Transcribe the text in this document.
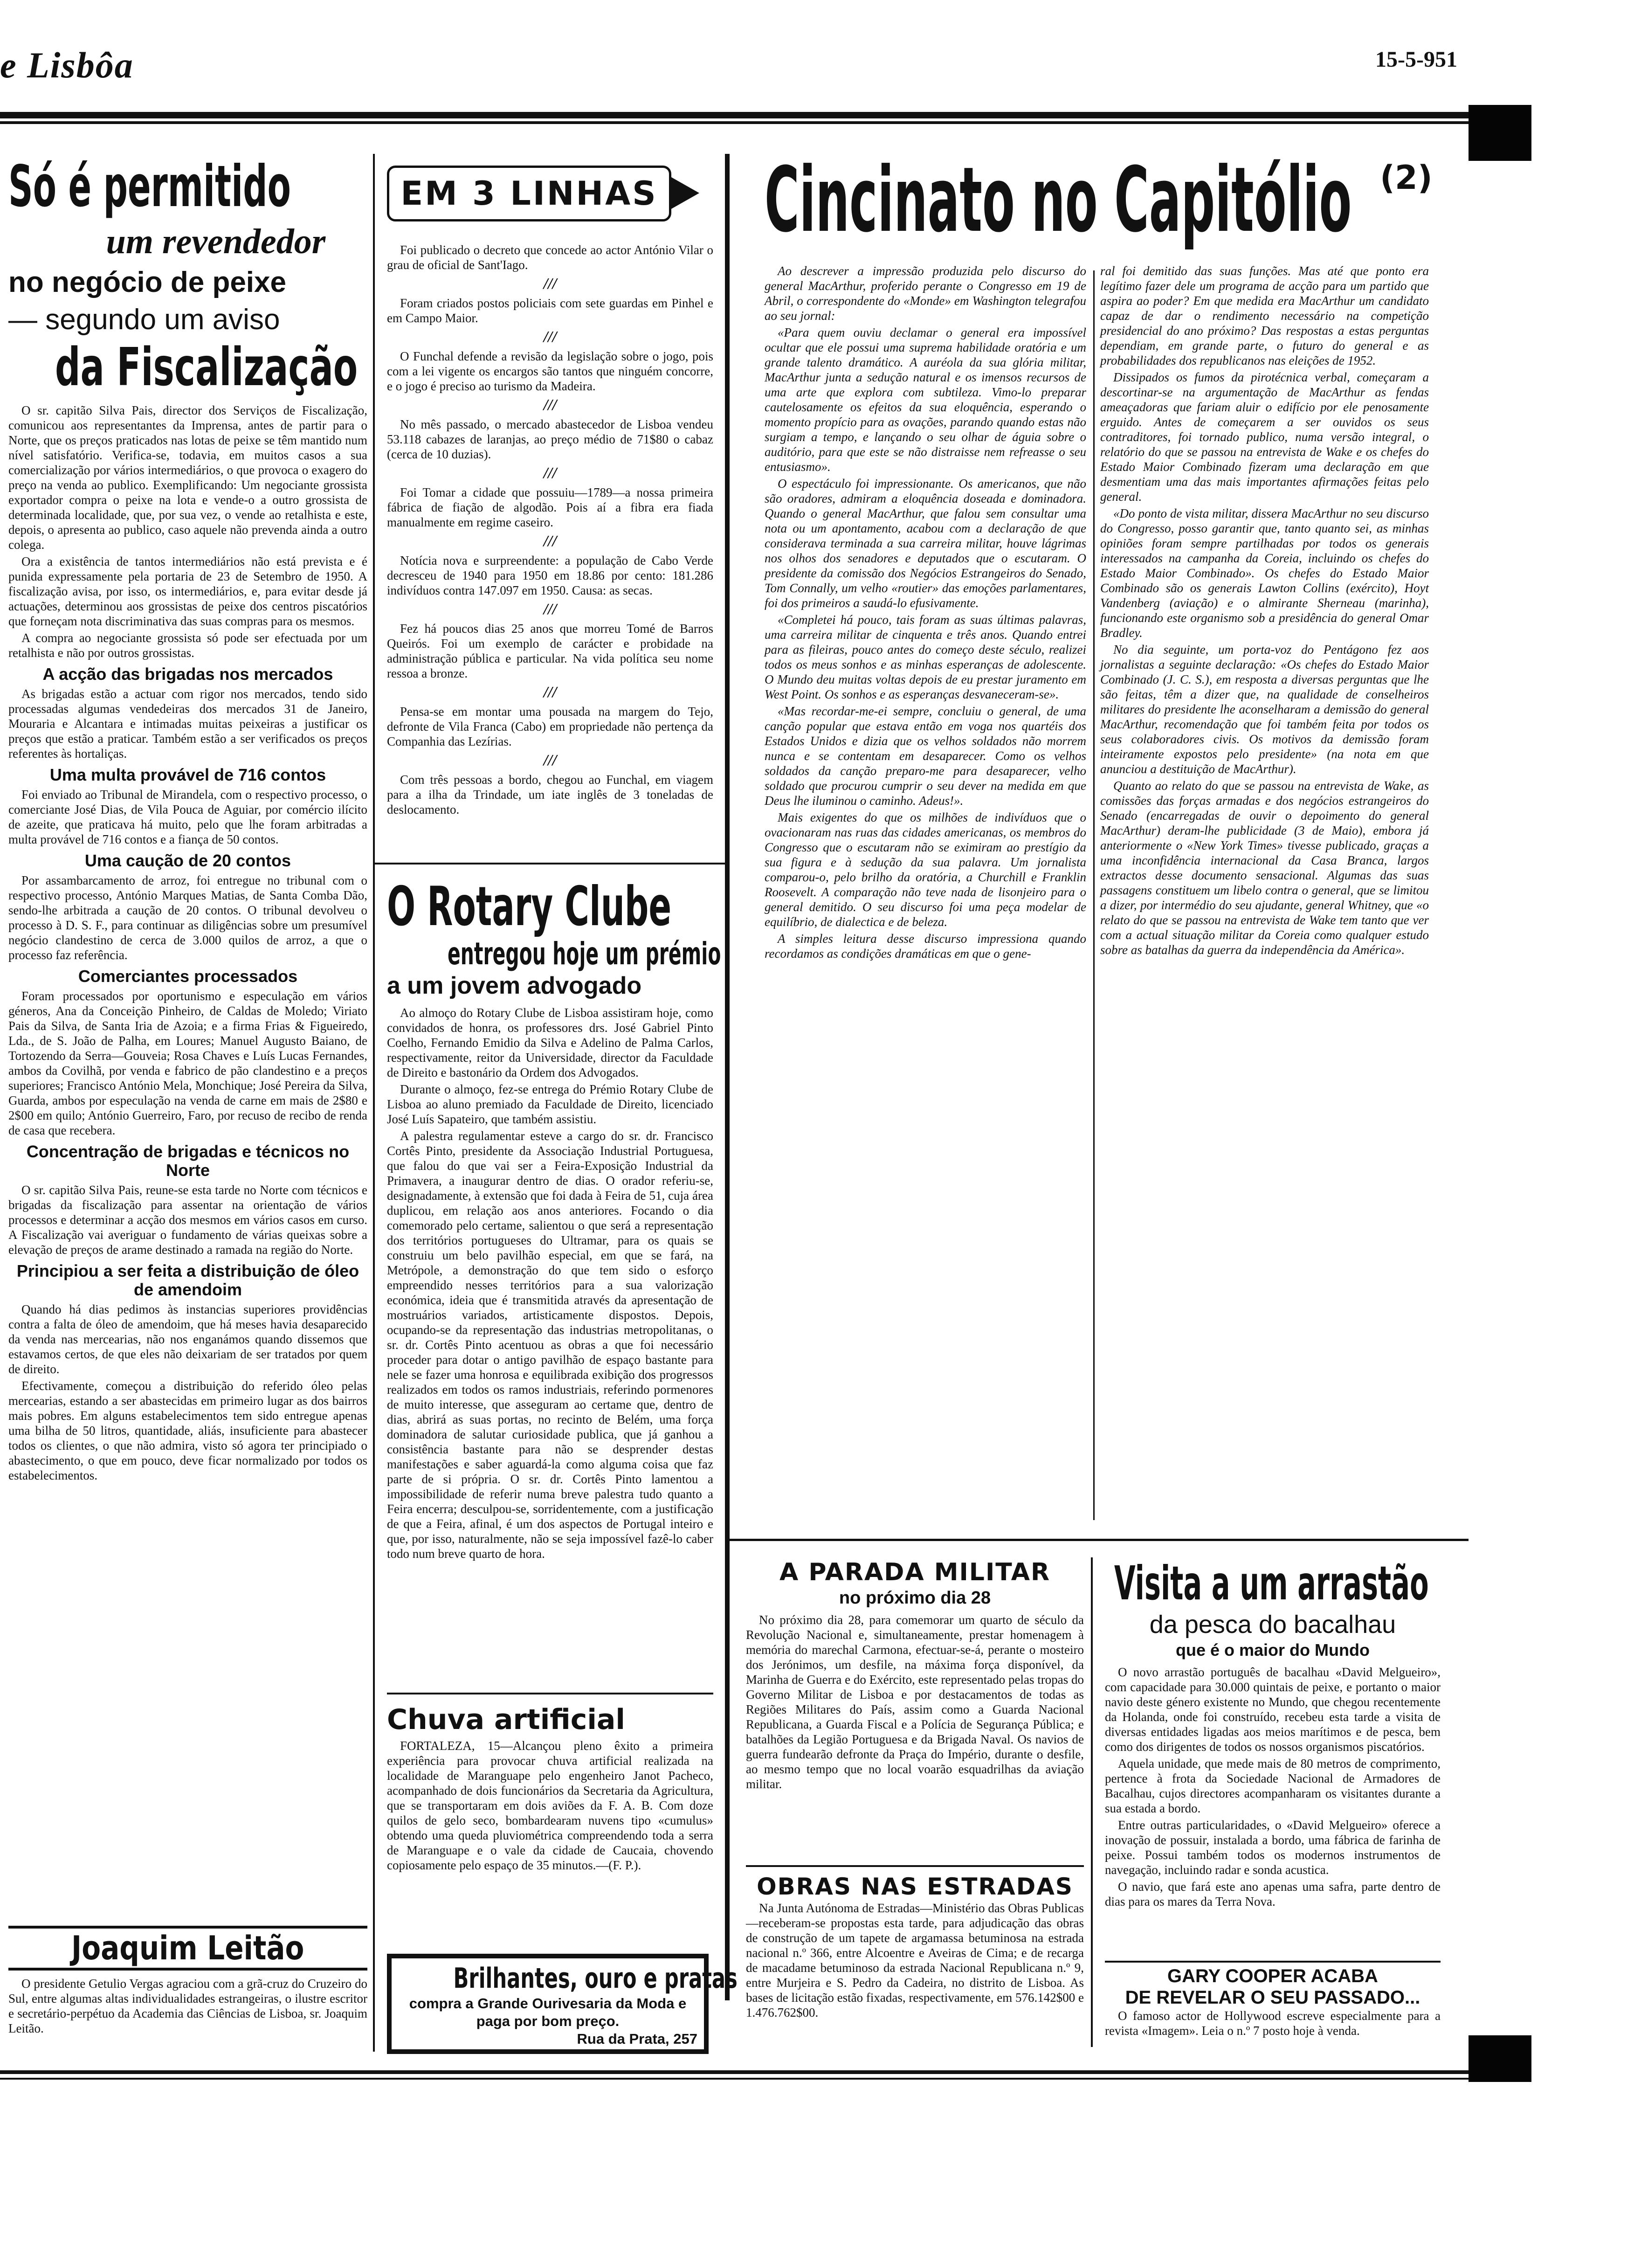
e Lisbôa	15-5-951
Só é permitido
um revendedor
no negócio de peixe
— segundo um aviso
da Fiscalização

O sr. capitão Silva Pais, director dos Serviços de Fiscalização, comunicou aos representantes da Imprensa, antes de partir para o Norte, que os preços praticados nas lotas de peixe se têm mantido num nível satisfatório. Verifica-se, todavia, em muitos casos a sua comercialização por vários intermediários, o que provoca o exagero do preço na venda ao publico. Exemplificando: Um negociante grossista exportador compra o peixe na lota e vende-o a outro grossista de determinada localidade, que, por sua vez, o vende ao retalhista e este, depois, o apresenta ao publico, caso aquele não prevenda ainda a outro colega.

Ora a existência de tantos intermediários não está prevista e é punida expressamente pela portaria de 23 de Setembro de 1950. A fiscalização avisa, por isso, os intermediários, e, para evitar desde já actuações, determinou aos grossistas de peixe dos centros piscatórios que forneçam nota discriminativa das suas compras para os mesmos.

A compra ao negociante grossista só pode ser efectuada por um retalhista e não por outros grossistas.

A acção das brigadas nos mercados

As brigadas estão a actuar com rigor nos mercados, tendo sido processadas algumas vendedeiras dos mercados 31 de Janeiro, Mouraria e Alcantara e intimadas muitas peixeiras a justificar os preços que estão a praticar. Também estão a ser verificados os preços referentes às hortaliças.

Uma multa provável de 716 contos

Foi enviado ao Tribunal de Mirandela, com o respectivo processo, o comerciante José Dias, de Vila Pouca de Aguiar, por comércio ilícito de azeite, que praticava há muito, pelo que lhe foram arbitradas a multa provável de 716 contos e a fiança de 50 contos.

Uma caução de 20 contos

Por assambarcamento de arroz, foi entregue no tribunal com o respectivo processo, António Marques Matias, de Santa Comba Dão, sendo-lhe arbitrada a caução de 20 contos. O tribunal devolveu o processo à D. S. F., para continuar as diligências sobre um presumível negócio clandestino de cerca de 3.000 quilos de arroz, a que o processo faz referência.

Comerciantes processados

Foram processados por oportunismo e especulação em vários géneros, Ana da Conceição Pinheiro, de Caldas de Moledo; Viriato Pais da Silva, de Santa Iria de Azoia; e a firma Frias & Figueiredo, Lda., de S. João de Palha, em Loures; Manuel Augusto Baiano, de Tortozendo da Serra—Gouveia; Rosa Chaves e Luís Lucas Fernandes, ambos da Covilhã, por venda e fabrico de pão clandestino e a preços superiores; Francisco António Mela, Monchique; José Pereira da Silva, Guarda, ambos por especulação na venda de carne em mais de 2$80 e 2$00 em quilo; António Guerreiro, Faro, por recuso de recibo de renda de casa que recebera.

Concentração de brigadas e técnicos no Norte

O sr. capitão Silva Pais, reune-se esta tarde no Norte com técnicos e brigadas da fiscalização para assentar na orientação de vários processos e determinar a acção dos mesmos em vários casos em curso. A Fiscalização vai averiguar o fundamento de várias queixas sobre a elevação de preços de arame destinado a ramada na região do Norte.

Principiou a ser feita a distribuição de óleo de amendoim

Quando há dias pedimos às instancias superiores providências contra a falta de óleo de amendoim, que há meses havia desaparecido da venda nas mercearias, não nos enganámos quando dissemos que estavamos certos, de que eles não deixariam de ser tratados por quem de direito.

Efectivamente, começou a distribuição do referido óleo pelas mercearias, estando a ser abastecidas em primeiro lugar as dos bairros mais pobres. Em alguns estabelecimentos tem sido entregue apenas uma bilha de 50 litros, quantidade, aliás, insuficiente para abastecer todos os clientes, o que não admira, visto só agora ter principiado o abastecimento, o que em pouco, deve ficar normalizado por todos os estabelecimentos.

Joaquim Leitão

O presidente Getulio Vergas agraciou com a grã-cruz do Cruzeiro do Sul, entre algumas altas individualidades estrangeiras, o ilustre escritor e secretário-perpétuo da Academia das Ciências de Lisboa, sr. Joaquim Leitão.

EM 3 LINHAS

Foi publicado o decreto que concede ao actor António Vilar o grau de oficial de Sant'Iago.

///

Foram criados postos policiais com sete guardas em Pinhel e em Campo Maior.

///

O Funchal defende a revisão da legislação sobre o jogo, pois com a lei vigente os encargos são tantos que ninguém concorre, e o jogo é preciso ao turismo da Madeira.

///

No mês passado, o mercado abastecedor de Lisboa vendeu 53.118 cabazes de laranjas, ao preço médio de 71$80 o cabaz (cerca de 10 duzias).

///

Foi Tomar a cidade que possuiu—1789—a nossa primeira fábrica de fiação de algodão. Pois aí a fibra era fiada manualmente em regime caseiro.

///

Notícia nova e surpreendente: a população de Cabo Verde decresceu de 1940 para 1950 em 18.86 por cento: 181.286 indivíduos contra 147.097 em 1950. Causa: as secas.

///

Fez há poucos dias 25 anos que morreu Tomé de Barros Queirós. Foi um exemplo de carácter e probidade na administração pública e particular. Na vida política seu nome ressoa a bronze.

///

Pensa-se em montar uma pousada na margem do Tejo, defronte de Vila Franca (Cabo) em propriedade não pertença da Companhia das Lezírias.

///

Com três pessoas a bordo, chegou ao Funchal, em viagem para a ilha da Trindade, um iate inglês de 3 toneladas de deslocamento.

O Rotary Clube
entregou hoje um prémio
a um jovem advogado

Ao almoço do Rotary Clube de Lisboa assistiram hoje, como convidados de honra, os professores drs. José Gabriel Pinto Coelho, Fernando Emidio da Silva e Adelino de Palma Carlos, respectivamente, reitor da Universidade, director da Faculdade de Direito e bastonário da Ordem dos Advogados.

Durante o almoço, fez-se entrega do Prémio Rotary Clube de Lisboa ao aluno premiado da Faculdade de Direito, licenciado José Luís Sapateiro, que também assistiu.

A palestra regulamentar esteve a cargo do sr. dr. Francisco Cortês Pinto, presidente da Associação Industrial Portuguesa, que falou do que vai ser a Feira-Exposição Industrial da Primavera, a inaugurar dentro de dias. O orador referiu-se, designadamente, à extensão que foi dada à Feira de 51, cuja área duplicou, em relação aos anos anteriores. Focando o dia comemorado pelo certame, salientou o que será a representação dos territórios portugueses do Ultramar, para os quais se construiu um belo pavilhão especial, em que se fará, na Metrópole, a demonstração do que tem sido o esforço empreendido nesses territórios para a sua valorização económica, ideia que é transmitida através da apresentação de mostruários variados, artisticamente dispostos. Depois, ocupando-se da representação das industrias metropolitanas, o sr. dr. Cortês Pinto acentuou as obras a que foi necessário proceder para dotar o antigo pavilhão de espaço bastante para nele se fazer uma honrosa e equilibrada exibição dos progressos realizados em todos os ramos industriais, referindo pormenores de muito interesse, que asseguram ao certame que, dentro de dias, abrirá as suas portas, no recinto de Belém, uma força dominadora de salutar curiosidade publica, que já ganhou a consistência bastante para não se desprender destas manifestações e saber aguardá-la como alguma coisa que faz parte de si própria. O sr. dr. Cortês Pinto lamentou a impossibilidade de referir numa breve palestra tudo quanto a Feira encerra; desculpou-se, sorridentemente, com a justificação de que a Feira, afinal, é um dos aspectos de Portugal inteiro e que, por isso, naturalmente, não se seja impossível fazê-lo caber todo num breve quarto de hora.

Chuva artificial

FORTALEZA, 15—Alcançou pleno êxito a primeira experiência para provocar chuva artificial realizada na localidade de Maranguape pelo engenheiro Janot Pacheco, acompanhado de dois funcionários da Secretaria da Agricultura, que se transportaram em dois aviões da F. A. B. Com doze quilos de gelo seco, bombardearam nuvens tipo «cumulus» obtendo uma queda pluviométrica compreendendo toda a serra de Maranguape e o vale da cidade de Caucaia, chovendo copiosamente pelo espaço de 35 minutos.—(F. P.).

Brilhantes, ouro e pratas
compra a Grande Ourivesaria da Moda e paga por bom preço.
Rua da Prata, 257
Cincinato no Capitólio (2)

Ao descrever a impressão produzida pelo discurso do general MacArthur, proferido perante o Congresso em 19 de Abril, o correspondente do «Monde» em Washington telegrafou ao seu jornal:

«Para quem ouviu declamar o general era impossível ocultar que ele possui uma suprema habilidade oratória e um grande talento dramático. A auréola da sua glória militar, MacArthur junta a sedução natural e os imensos recursos de uma arte que explora com subtileza. Vimo-lo preparar cautelosamente os efeitos da sua eloquência, esperando o momento propício para as ovações, parando quando estas não surgiam a tempo, e lançando o seu olhar de águia sobre o auditório, para que este se não distraisse nem refreasse o seu entusiasmo».

O espectáculo foi impressionante. Os americanos, que não são oradores, admiram a eloquência doseada e dominadora. Quando o general MacArthur, que falou sem consultar uma nota ou um apontamento, acabou com a declaração de que considerava terminada a sua carreira militar, houve lágrimas nos olhos dos senadores e deputados que o escutaram. O presidente da comissão dos Negócios Estrangeiros do Senado, Tom Connally, um velho «routier» das emoções parlamentares, foi dos primeiros a saudá-lo efusivamente.

«Completei há pouco, tais foram as suas últimas palavras, uma carreira militar de cinquenta e três anos. Quando entrei para as fileiras, pouco antes do começo deste século, realizei todos os meus sonhos e as minhas esperanças de adolescente. O Mundo deu muitas voltas depois de eu prestar juramento em West Point. Os sonhos e as esperanças desvaneceram-se».

«Mas recordar-me-ei sempre, concluiu o general, de uma canção popular que estava então em voga nos quartéis dos Estados Unidos e dizia que os velhos soldados não morrem nunca e se contentam em desaparecer. Como os velhos soldados da canção preparo-me para desaparecer, velho soldado que procurou cumprir o seu dever na medida em que Deus lhe iluminou o caminho. Adeus!».

Mais exigentes do que os milhões de indivíduos que o ovacionaram nas ruas das cidades americanas, os membros do Congresso que o escutaram não se eximiram ao prestígio da sua figura e à sedução da sua palavra. Um jornalista comparou-o, pelo brilho da oratória, a Churchill e Franklin Roosevelt. A comparação não teve nada de lisonjeiro para o general demitido. O seu discurso foi uma peça modelar de equilíbrio, de dialectica e de beleza.

A simples leitura desse discurso impressiona quando recordamos as condições dramáticas em que o gene-

ral foi demitido das suas funções. Mas até que ponto era legítimo fazer dele um programa de acção para um partido que aspira ao poder? Em que medida era MacArthur um candidato capaz de dar o rendimento necessário na competição presidencial do ano próximo? Das respostas a estas perguntas dependiam, em grande parte, o futuro do general e as probabilidades dos republicanos nas eleições de 1952.

Dissipados os fumos da pirotécnica verbal, começaram a descortinar-se na argumentação de MacArthur as fendas ameaçadoras que fariam aluir o edifício por ele penosamente erguido. Antes de começarem a ser ouvidos os seus contraditores, foi tornado publico, numa versão integral, o relatório do que se passou na entrevista de Wake e os chefes do Estado Maior Combinado fizeram uma declaração em que desmentiam uma das mais importantes afirmações feitas pelo general.

«Do ponto de vista militar, dissera MacArthur no seu discurso do Congresso, posso garantir que, tanto quanto sei, as minhas opiniões foram sempre partilhadas por todos os generais interessados na campanha da Coreia, incluindo os chefes do Estado Maior Combinado». Os chefes do Estado Maior Combinado são os generais Lawton Collins (exército), Hoyt Vandenberg (aviação) e o almirante Sherneau (marinha), funcionando este organismo sob a presidência do general Omar Bradley.

No dia seguinte, um porta-voz do Pentágono fez aos jornalistas a seguinte declaração: «Os chefes do Estado Maior Combinado (J. C. S.), em resposta a diversas perguntas que lhe são feitas, têm a dizer que, na qualidade de conselheiros militares do presidente lhe aconselharam a demissão do general MacArthur, recomendação que foi também feita por todos os seus colaboradores civis. Os motivos da demissão foram inteiramente expostos pelo presidente» (na nota em que anunciou a destituição de MacArthur).

Quanto ao relato do que se passou na entrevista de Wake, as comissões das forças armadas e dos negócios estrangeiros do Senado (encarregadas de ouvir o depoimento do general MacArthur) deram-lhe publicidade (3 de Maio), embora já anteriormente o «New York Times» tivesse publicado, graças a uma inconfidência internacional da Casa Branca, largos extractos desse documento sensacional. Algumas das suas passagens constituem um libelo contra o general, que se limitou a dizer, por intermédio do seu ajudante, general Whitney, que «o relato do que se passou na entrevista de Wake tem tanto que ver com a actual situação militar da Coreia como qualquer estudo sobre as batalhas da guerra da independência da América».

A PARADA MILITAR
no próximo dia 28

No próximo dia 28, para comemorar um quarto de século da Revolução Nacional e, simultaneamente, prestar homenagem à memória do marechal Carmona, efectuar-se-á, perante o mosteiro dos Jerónimos, um desfile, na máxima força disponível, da Marinha de Guerra e do Exército, este representado pelas tropas do Governo Militar de Lisboa e por destacamentos de todas as Regiões Militares do País, assim como a Guarda Nacional Republicana, a Guarda Fiscal e a Polícia de Segurança Pública; e batalhões da Legião Portuguesa e da Brigada Naval. Os navios de guerra fundearão defronte da Praça do Império, durante o desfile, ao mesmo tempo que no local voarão esquadrilhas da aviação militar.

OBRAS NAS ESTRADAS

Na Junta Autónoma de Estradas—Ministério das Obras Publicas—receberam-se propostas esta tarde, para adjudicação das obras de construção de um tapete de argamassa betuminosa na estrada nacional n.º 366, entre Alcoentre e Aveiras de Cima; e de recarga de macadame betuminoso da estrada Nacional Republicana n.º 9, entre Murjeira e S. Pedro da Cadeira, no distrito de Lisboa. As bases de licitação estão fixadas, respectivamente, em 576.142$00 e 1.476.762$00.

Visita a um arrastão
da pesca do bacalhau
que é o maior do Mundo

O novo arrastão português de bacalhau «David Melgueiro», com capacidade para 30.000 quintais de peixe, e portanto o maior navio deste género existente no Mundo, que chegou recentemente da Holanda, onde foi construído, recebeu esta tarde a visita de diversas entidades ligadas aos meios marítimos e de pesca, bem como dos dirigentes de todos os nossos organismos piscatórios.

Aquela unidade, que mede mais de 80 metros de comprimento, pertence à frota da Sociedade Nacional de Armadores de Bacalhau, cujos directores acompanharam os visitantes durante a sua estada a bordo.

Entre outras particularidades, o «David Melgueiro» oferece a inovação de possuir, instalada a bordo, uma fábrica de farinha de peixe. Possui também todos os modernos instrumentos de navegação, incluindo radar e sonda acustica.

O navio, que fará este ano apenas uma safra, parte dentro de dias para os mares da Terra Nova.

GARY COOPER ACABA
DE REVELAR O SEU PASSADO...

O famoso actor de Hollywood escreve especialmente para a revista «Imagem». Leia o n.º 7 posto hoje à venda.
